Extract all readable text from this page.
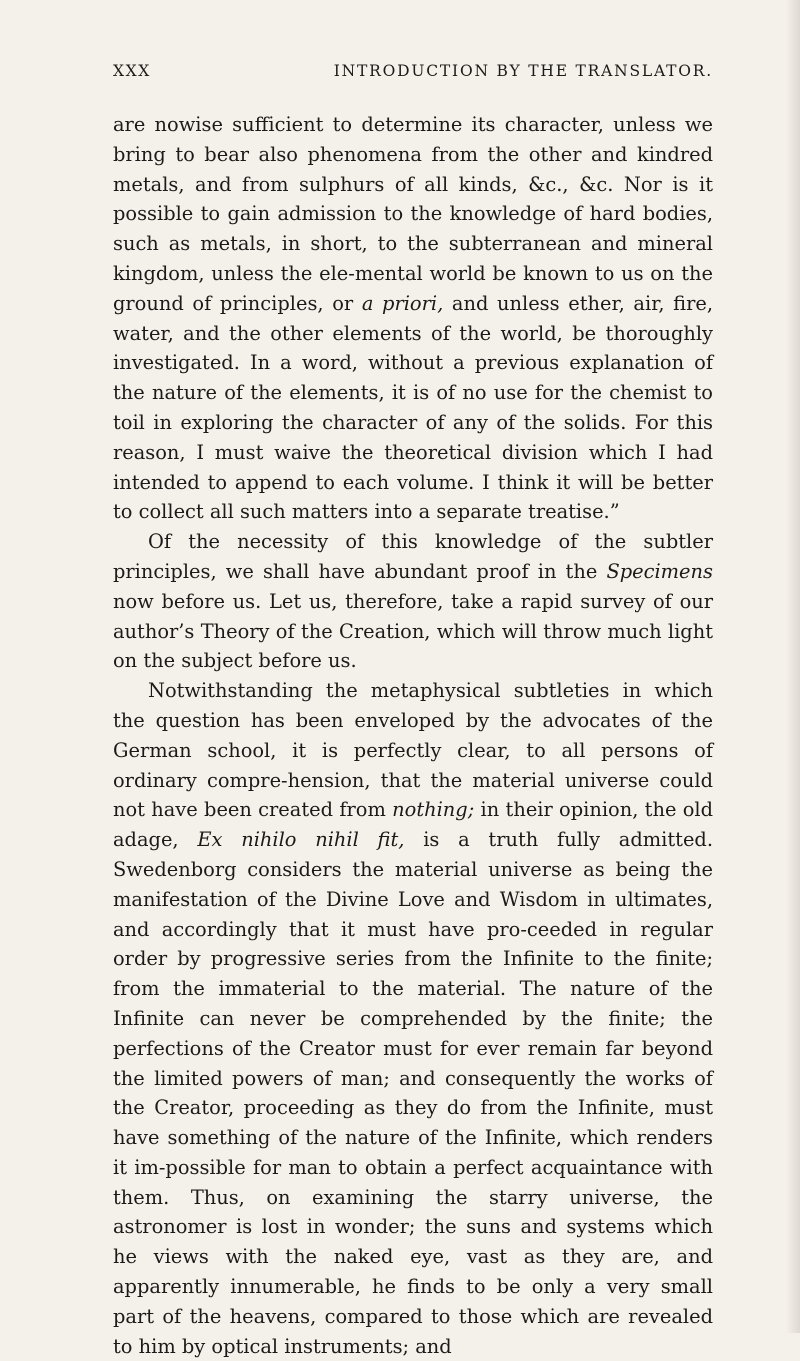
XXX	INTRODUCTION BY THE TRANSLATOR.

are nowise sufficient to determine its character, unless we bring to bear also phenomena from the other and kindred metals, and from sulphurs of all kinds, &c., &c. Nor is it possible to gain admission to the knowledge of hard bodies, such as metals, in short, to the subterranean and mineral kingdom, unless the ele-mental world be known to us on the ground of principles, or a priori, and unless ether, air, fire, water, and the other elements of the world, be thoroughly investigated. In a word, without a previous explanation of the nature of the elements, it is of no use for the chemist to toil in exploring the character of any of the solids. For this reason, I must waive the theoretical division which I had intended to append to each volume. I think it will be better to collect all such matters into a separate treatise.”

Of the necessity of this knowledge of the subtler principles, we shall have abundant proof in the Specimens now before us. Let us, therefore, take a rapid survey of our author’s Theory of the Creation, which will throw much light on the subject before us.

Notwithstanding the metaphysical subtleties in which the question has been enveloped by the advocates of the German school, it is perfectly clear, to all persons of ordinary compre-hension, that the material universe could not have been created from nothing; in their opinion, the old adage, Ex nihilo nihil fit, is a truth fully admitted. Swedenborg considers the material universe as being the manifestation of the Divine Love and Wisdom in ultimates, and accordingly that it must have pro-ceeded in regular order by progressive series from the Infinite to the finite; from the immaterial to the material. The nature of the Infinite can never be comprehended by the finite; the perfections of the Creator must for ever remain far beyond the limited powers of man; and consequently the works of the Creator, proceeding as they do from the Infinite, must have something of the nature of the Infinite, which renders it im-possible for man to obtain a perfect acquaintance with them. Thus, on examining the starry universe, the astronomer is lost in wonder; the suns and systems which he views with the naked eye, vast as they are, and apparently innumerable, he finds to be only a very small part of the heavens, compared to those which are revealed to him by optical instruments; and
